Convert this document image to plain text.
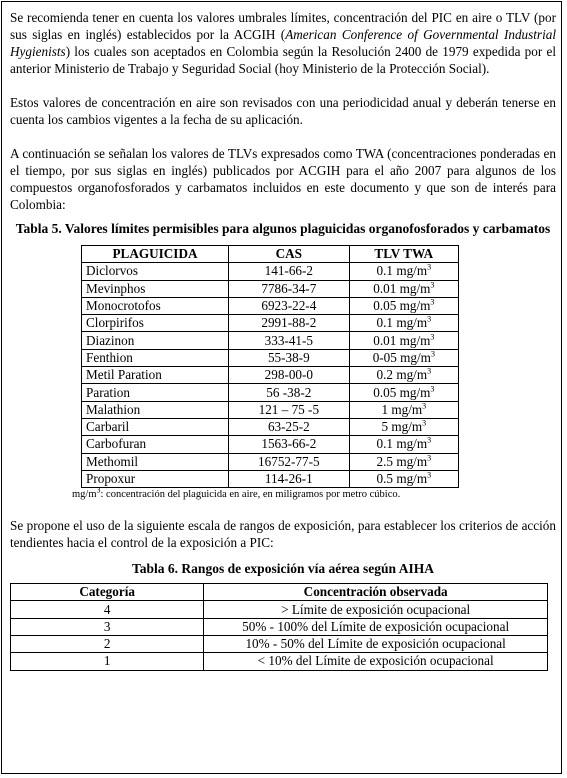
Se recomienda tener en cuenta los valores umbrales límites, concentración del PIC en aire o TLV (por sus siglas en inglés) establecidos por la ACGIH (American Conference of Governmental Industrial Hygienists) los cuales son aceptados en Colombia según la Resolución 2400 de 1979 expedida por el anterior Ministerio de Trabajo y Seguridad Social (hoy Ministerio de la Protección Social).

Estos valores de concentración en aire son revisados con una periodicidad anual y deberán tenerse en cuenta los cambios vigentes a la fecha de su aplicación.

A continuación se señalan los valores de TLVs expresados como TWA (concentraciones ponderadas en el tiempo, por sus siglas en inglés) publicados por ACGIH para el año 2007 para algunos de los compuestos organofosforados y carbamatos incluidos en este documento y que son de interés para Colombia:

Tabla 5. Valores límites permisibles para algunos plaguicidas organofosforados y carbamatos

PLAGUICIDA	CAS	TLV TWA
Diclorvos	141-66-2	0.1 $mg/m^3$
Mevinphos	7786-34-7	0.01 $mg/m^3$
Monocrotofos	6923-22-4	0.05 $mg/m^3$
Clorpirifos	2991-88-2	0.1 $mg/m^3$
Diazinon	333-41-5	0.01 $mg/m^3$
Fenthion	55-38-9	0-05 $mg/m^3$
Metil Paration	298-00-0	0.2 $mg/m^3$
Paration	56 -38-2	0.05 $mg/m^3$
Malathion	121 – 75 -5	1 $mg/m^3$
Carbaril	63-25-2	5 $mg/m^3$
Carbofuran	1563-66-2	0.1 $mg/m^3$
Methomil	16752-77-5	2.5 $mg/m^3$
Propoxur	114-26-1	0.5 $mg/m^3$
$mg/m^3$: concentración del plaguicida en aire, en miligramos por metro cúbico.

Se propone el uso de la siguiente escala de rangos de exposición, para establecer los criterios de acción tendientes hacia el control de la exposición a PIC:

Tabla 6. Rangos de exposición vía aérea según AIHA

Categoría	Concentración observada
4	> Límite de exposición ocupacional
3	50% - 100% del Límite de exposición ocupacional
2	10% - 50% del Límite de exposición ocupacional
1	< 10% del Límite de exposición ocupacional
